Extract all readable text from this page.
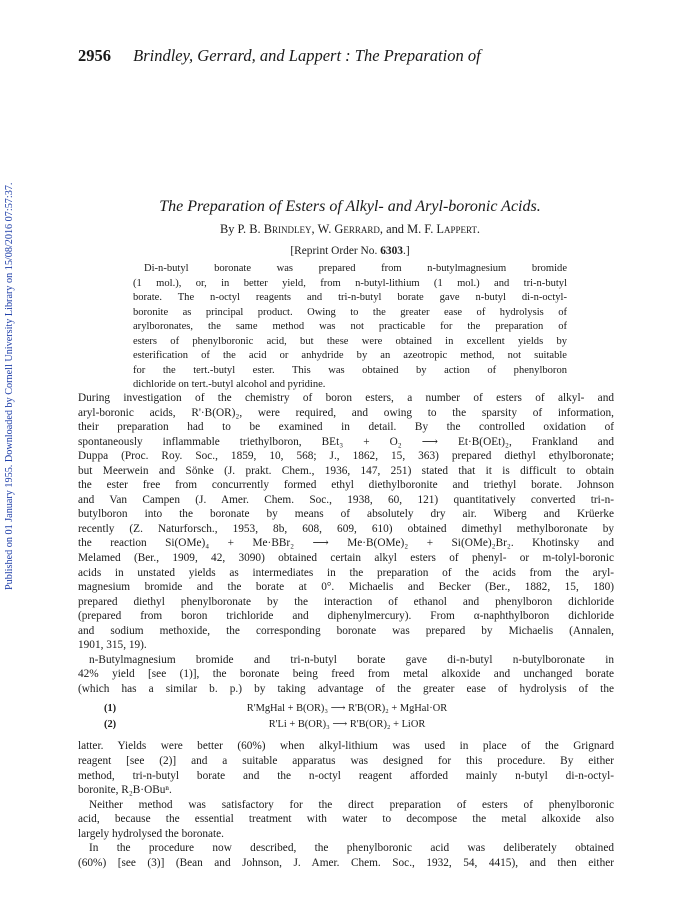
Published on 01 January 1955. Downloaded by Cornell University Library on 15/08/2016 07:57:37.
2956 Brindley, Gerrard, and Lappert : The Preparation of
The Preparation of Esters of Alkyl- and Aryl-boronic Acids.
By P. B. Brindley, W. Gerrard, and M. F. Lappert.
[Reprint Order No. 6303.]
Di-n-butyl boronate was prepared from n-butylmagnesium bromide
(1 mol.), or, in better yield, from n-butyl-lithium (1 mol.) and tri-n-butyl
borate. The n-octyl reagents and tri-n-butyl borate gave n-butyl di-n-octyl-
boronite as principal product. Owing to the greater ease of hydrolysis of
arylboronates, the same method was not practicable for the preparation of
esters of phenylboronic acid, but these were obtained in excellent yields by
esterification of the acid or anhydride by an azeotropic method, not suitable
for the tert.-butyl ester. This was obtained by action of phenylboron
dichloride on tert.-butyl alcohol and pyridine.
During investigation of the chemistry of boron esters, a number of esters of alkyl- and
aryl-boronic acids, R'·B(OR)₂, were required, and owing to the sparsity of information,
their preparation had to be examined in detail. By the controlled oxidation of
spontaneously inflammable triethylboron, BEt₃ + O₂ ⟶ Et·B(OEt)₂, Frankland and
Duppa (Proc. Roy. Soc., 1859, 10, 568; J., 1862, 15, 363) prepared diethyl ethylboronate;
but Meerwein and Sönke (J. prakt. Chem., 1936, 147, 251) stated that it is difficult to obtain
the ester free from concurrently formed ethyl diethylboronite and triethyl borate. Johnson
and Van Campen (J. Amer. Chem. Soc., 1938, 60, 121) quantitatively converted tri-n-
butylboron into the boronate by means of absolutely dry air. Wiberg and Krüerke
recently (Z. Naturforsch., 1953, 8b, 608, 609, 610) obtained dimethyl methylboronate by
the reaction Si(OMe)₄ + Me·BBr₂ ⟶ Me·B(OMe)₂ + Si(OMe)₂Br₂. Khotinsky and
Melamed (Ber., 1909, 42, 3090) obtained certain alkyl esters of phenyl- or m-tolyl-boronic
acids in unstated yields as intermediates in the preparation of the acids from the aryl-
magnesium bromide and the borate at 0°. Michaelis and Becker (Ber., 1882, 15, 180)
prepared diethyl phenylboronate by the interaction of ethanol and phenylboron dichloride
(prepared from boron trichloride and diphenylmercury). From α-naphthylboron dichloride
and sodium methoxide, the corresponding boronate was prepared by Michaelis (Annalen,
1901, 315, 19).
n-Butylmagnesium bromide and tri-n-butyl borate gave di-n-butyl n-butylboronate in
42% yield [see (1)], the boronate being freed from metal alkoxide and unchanged borate
(which has a similar b. p.) by taking advantage of the greater ease of hydrolysis of the
(1)	R'MgHal + B(OR)₃ ⟶ R'B(OR)₂ + MgHal·OR
(2)	R'Li + B(OR)₃ ⟶ R'B(OR)₂ + LiOR
latter. Yields were better (60%) when alkyl-lithium was used in place of the Grignard
reagent [see (2)] and a suitable apparatus was designed for this procedure. By either
method, tri-n-butyl borate and the n-octyl reagent afforded mainly n-butyl di-n-octyl-
boronite, R₂B·OBuⁿ.
Neither method was satisfactory for the direct preparation of esters of phenylboronic
acid, because the essential treatment with water to decompose the metal alkoxide also
largely hydrolysed the boronate.
In the procedure now described, the phenylboronic acid was deliberately obtained
(60%) [see (3)] (Bean and Johnson, J. Amer. Chem. Soc., 1932, 54, 4415), and then either
